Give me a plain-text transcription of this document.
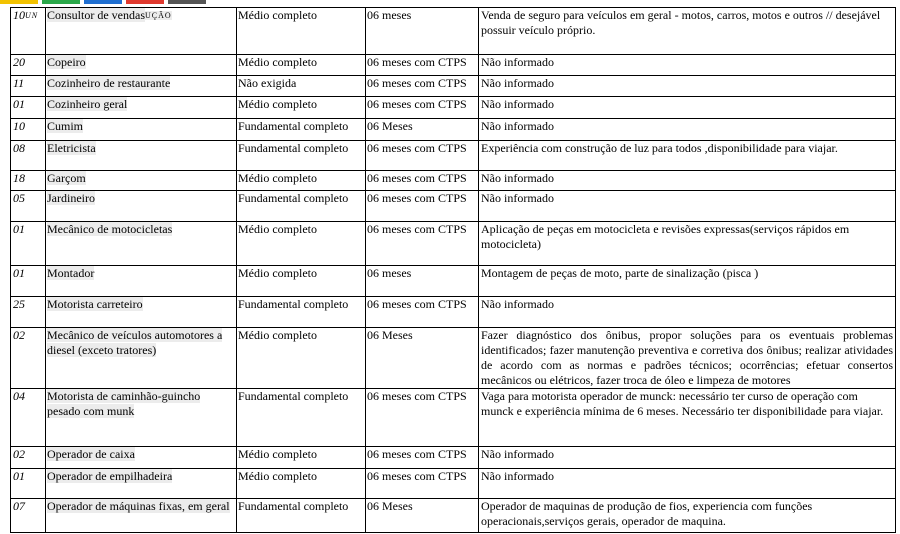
$10^{UN}$	Consultor de vendas$^{UÇÃO}$	Médio completo	06 meses	Venda de seguro para veículos em geral - motos, carros, motos e outros // desejável possuir veículo próprio.
20	Copeiro	Médio completo	06 meses com CTPS	Não informado
11	Cozinheiro de restaurante	Não exigida	06 meses com CTPS	Não informado
01	Cozinheiro geral	Médio completo	06 meses com CTPS	Não informado
10	Cumim	Fundamental completo	06 Meses	Não informado
08	Eletricista	Fundamental completo	06 meses com CTPS	Experiência com construção de luz para todos ,disponibilidade para viajar.
18	Garçom	Médio completo	06 meses com CTPS	Não informado
05	Jardineiro	Fundamental completo	06 meses com CTPS	Não informado
01	Mecânico de motocicletas	Médio completo	06 meses com CTPS	Aplicação de peças em motocicleta e revisões expressas(serviços rápidos em motocicleta)
01	Montador	Médio completo	06 meses	Montagem de peças de moto, parte de sinalização (pisca )
25	Motorista carreteiro	Fundamental completo	06 meses com CTPS	Não informado
02	Mecânico de veículos automotores a diesel (exceto tratores)	Médio completo	06 Meses	Fazer diagnóstico dos ônibus, propor soluções para os eventuais problemas identificados; fazer manutenção preventiva e corretiva dos ônibus; realizar atividades de acordo com as normas e padrões técnicos; ocorrências; efetuar consertos mecânicos ou elétricos, fazer troca de óleo e limpeza de motores
04	Motorista de caminhão-guincho pesado com munk	Fundamental completo	06 meses com CTPS	Vaga para motorista operador de munck: necessário ter curso de operação com munck e experiência mínima de 6 meses. Necessário ter disponibilidade para viajar.
02	Operador de caixa	Médio completo	06 meses com CTPS	Não informado
01	Operador de empilhadeira	Médio completo	06 meses com CTPS	Não informado
07	Operador de máquinas fixas, em geral	Fundamental completo	06 Meses	Operador de maquinas de produção de fios, experiencia com funções operacionais,serviços gerais, operador de maquina.
